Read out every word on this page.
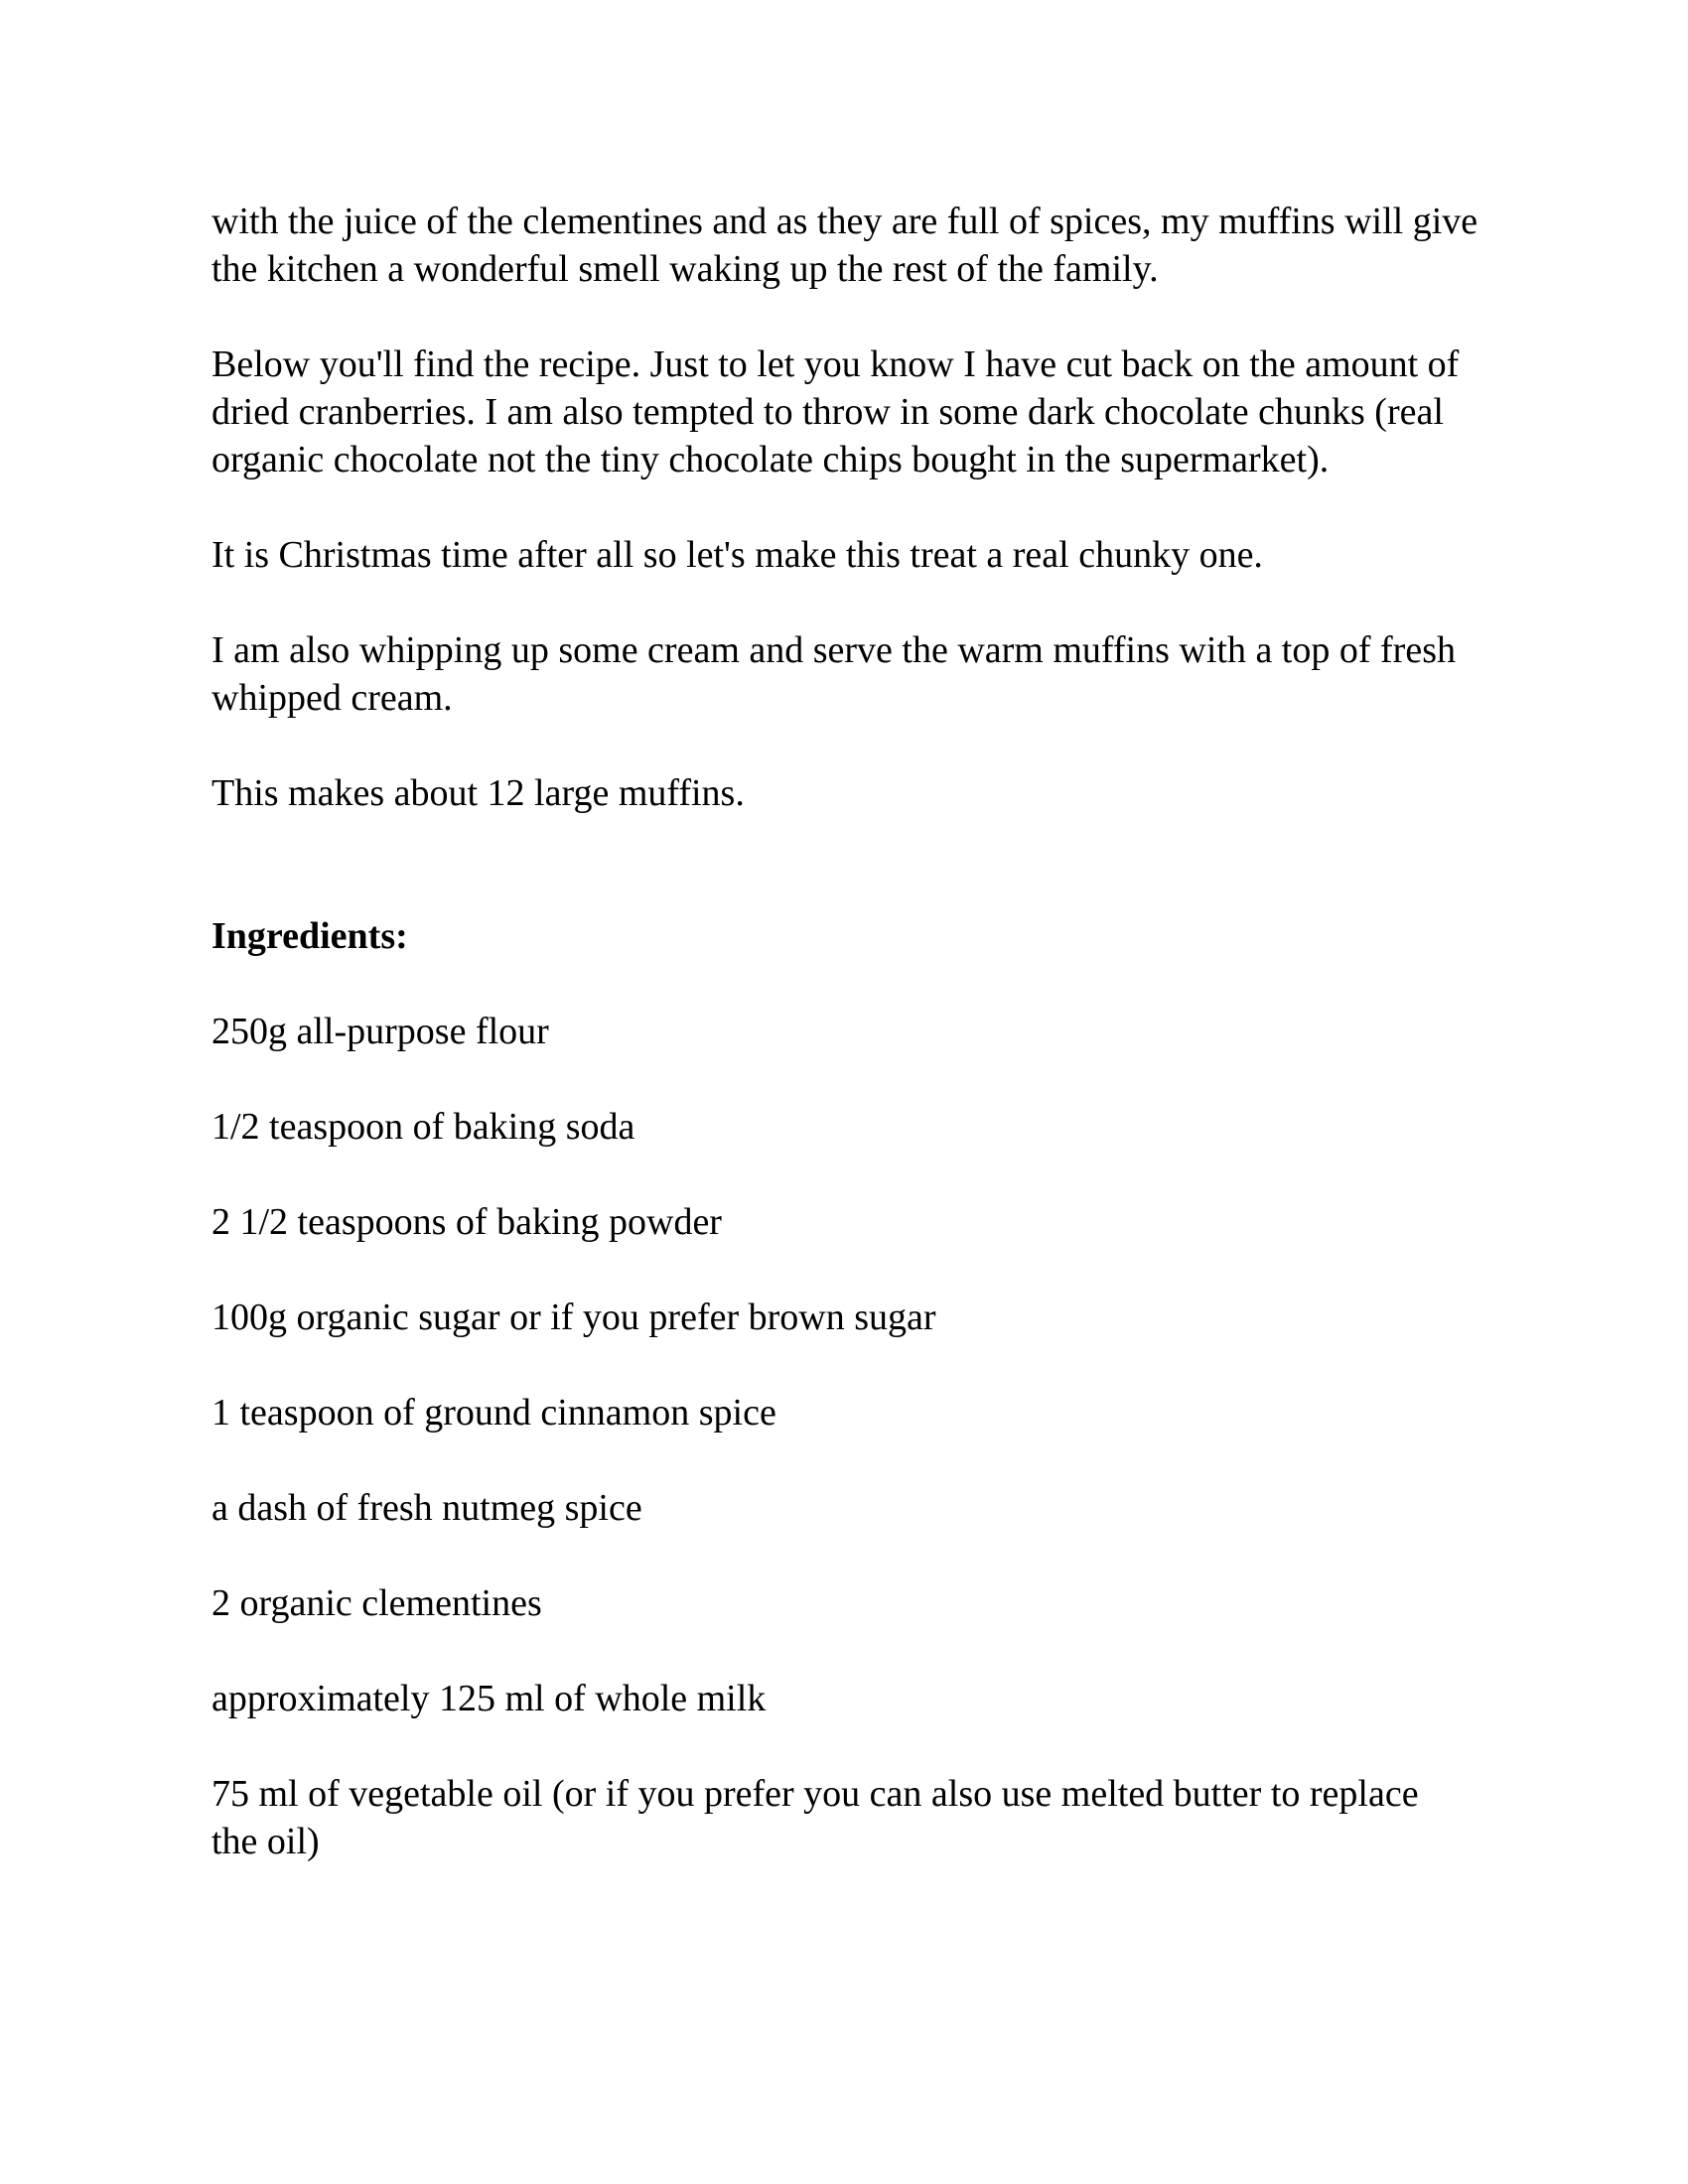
with the juice of the clementines and as they are full of spices, my muffins will give the kitchen a wonderful smell waking up the rest of the family.

Below you'll find the recipe. Just to let you know I have cut back on the amount of dried cranberries. I am also tempted to throw in some dark chocolate chunks (real organic chocolate not the tiny chocolate chips bought in the supermarket).

It is Christmas time after all so let's make this treat a real chunky one.

I am also whipping up some cream and serve the warm muffins with a top of fresh whipped cream.

This makes about 12 large muffins.

Ingredients:

250g all-purpose flour

1/2 teaspoon of baking soda

2 1/2 teaspoons of baking powder

100g organic sugar or if you prefer brown sugar

1 teaspoon of ground cinnamon spice

a dash of fresh nutmeg spice

2 organic clementines

approximately 125 ml of whole milk

75 ml of vegetable oil (or if you prefer you can also use melted butter to replace the oil)
